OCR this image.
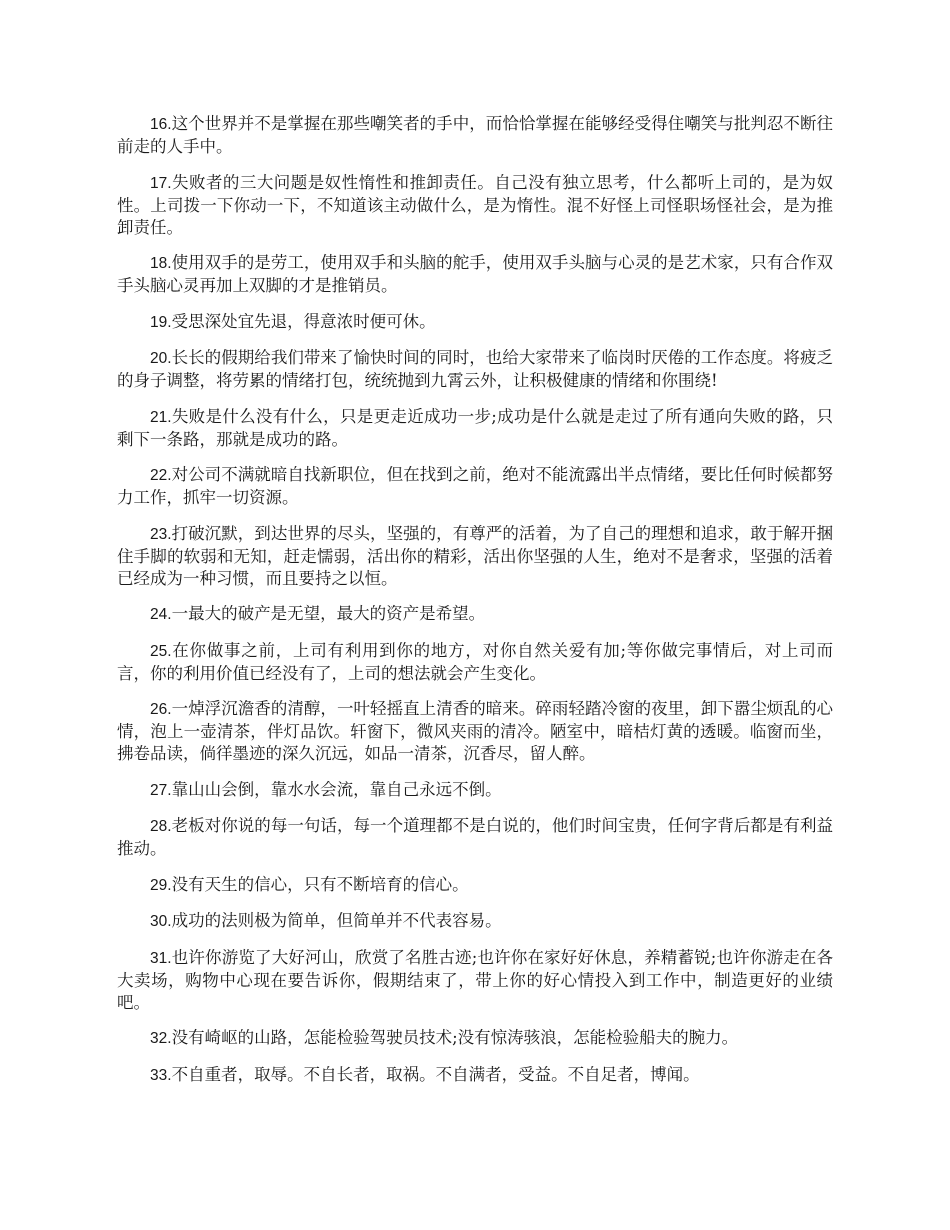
16.这个世界并不是掌握在那些嘲笑者的手中，而恰恰掌握在能够经受得住嘲笑与批判忍不断往前走的人手中。

17.失败者的三大问题是奴性惰性和推卸责任。自己没有独立思考，什么都听上司的，是为奴性。上司拨一下你动一下，不知道该主动做什么，是为惰性。混不好怪上司怪职场怪社会，是为推卸责任。

18.使用双手的是劳工，使用双手和头脑的舵手，使用双手头脑与心灵的是艺术家，只有合作双手头脑心灵再加上双脚的才是推销员。

19.受思深处宜先退，得意浓时便可休。

20.长长的假期给我们带来了愉快时间的同时，也给大家带来了临岗时厌倦的工作态度。将疲乏的身子调整，将劳累的情绪打包，统统抛到九霄云外，让积极健康的情绪和你围绕!

21.失败是什么没有什么，只是更走近成功一步;成功是什么就是走过了所有通向失败的路，只剩下一条路，那就是成功的路。

22.对公司不满就暗自找新职位，但在找到之前，绝对不能流露出半点情绪，要比任何时候都努力工作，抓牢一切资源。

23.打破沉默，到达世界的尽头，坚强的，有尊严的活着，为了自己的理想和追求，敢于解开捆住手脚的软弱和无知，赶走懦弱，活出你的精彩，活出你坚强的人生，绝对不是奢求，坚强的活着已经成为一种习惯，而且要持之以恒。

24.一最大的破产是无望，最大的资产是希望。

25.在你做事之前，上司有利用到你的地方，对你自然关爱有加;等你做完事情后，对上司而言，你的利用价值已经没有了，上司的想法就会产生变化。

26.一焯浮沉澹香的清醇，一叶轻摇直上清香的暗来。碎雨轻踏冷窗的夜里，卸下嚣尘烦乱的心情，泡上一壶清茶，伴灯品饮。轩窗下，微风夹雨的清冷。陋室中，暗桔灯黄的透暖。临窗而坐，拂卷品读，倘徉墨迹的深久沉远，如品一清茶，沉香尽，留人醉。

27.靠山山会倒，靠水水会流，靠自己永远不倒。

28.老板对你说的每一句话，每一个道理都不是白说的，他们时间宝贵，任何字背后都是有利益推动。

29.没有天生的信心，只有不断培育的信心。

30.成功的法则极为简单，但简单并不代表容易。

31.也许你游览了大好河山，欣赏了名胜古迹;也许你在家好好休息，养精蓄锐;也许你游走在各大卖场，购物中心现在要告诉你，假期结束了，带上你的好心情投入到工作中，制造更好的业绩吧。

32.没有崎岖的山路，怎能检验驾驶员技术;没有惊涛骇浪，怎能检验船夫的腕力。

33.不自重者，取辱。不自长者，取祸。不自满者，受益。不自足者，博闻。
